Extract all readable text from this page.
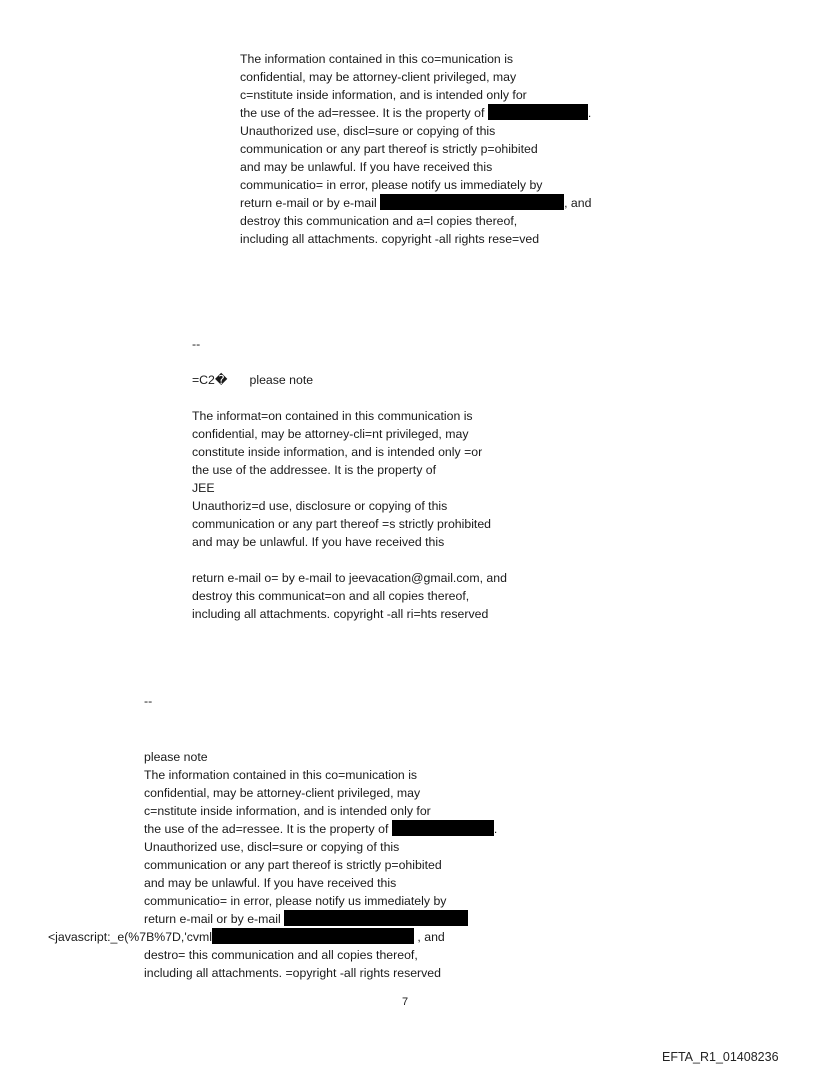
The information contained in this co=munication is
confidential, may be attorney-client privileged, may
c=nstitute inside information, and is intended only for
the use of the ad=ressee. It is the property of	.
Unauthorized use, discl=sure or copying of this
communication or any part thereof is strictly p=ohibited
and may be unlawful. If you have received this
communicatio= in error, please notify us immediately by
return e-mail or by e-mail	, and
destroy this communication and a=l copies thereof,
including all attachments. copyright -all rights rese=ved
--
=C2� please note
The informat=on contained in this communication is
confidential, may be attorney-cli=nt privileged, may
constitute inside information, and is intended only =or
the use of the addressee. It is the property of
JEE
Unauthoriz=d use, disclosure or copying of this
communication or any part thereof =s strictly prohibited
and may be unlawful. If you have received this
return e-mail o= by e-mail to jeevacation@gmail.com, and
destroy this communicat=on and all copies thereof,
including all attachments. copyright -all ri=hts reserved
--
please note
The information contained in this co=munication is
confidential, may be attorney-client privileged, may
c=nstitute inside information, and is intended only for
the use of the ad=ressee. It is the property of	.
Unauthorized use, discl=sure or copying of this
communication or any part thereof is strictly p=ohibited
and may be unlawful. If you have received this
communicatio= in error, please notify us immediately by
return e-mail or by e-mail
<javascript:_e(%7B%7D,'cvml	, and
destro= this communication and all copies thereof,
including all attachments. =opyright -all rights reserved
7
EFTA_R1_01408236
